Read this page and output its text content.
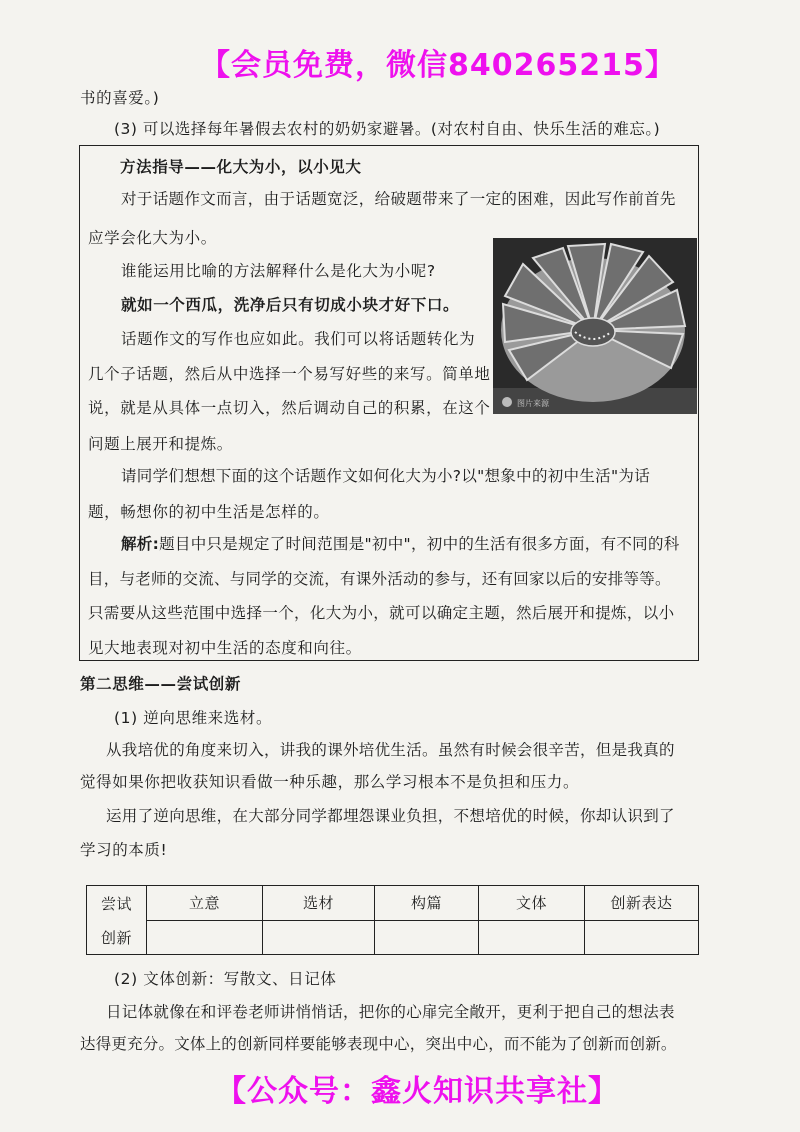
【会员免费，微信840265215】
书的喜爱。)
(3) 可以选择每年暑假去农村的奶奶家避暑。(对农村自由、快乐生活的难忘。)
方法指导——化大为小，以小见大
对于话题作文而言，由于话题宽泛，给破题带来了一定的困难，因此写作前首先
应学会化大为小。
谁能运用比喻的方法解释什么是化大为小呢?
就如一个西瓜，洗净后只有切成小块才好下口。
话题作文的写作也应如此。我们可以将话题转化为
几个子话题，然后从中选择一个易写好些的来写。简单地
说，就是从具体一点切入，然后调动自己的积累，在这个
问题上展开和提炼。
图片来源
请同学们想想下面的这个话题作文如何化大为小?以"想象中的初中生活"为话
题，畅想你的初中生活是怎样的。
解析:题目中只是规定了时间范围是"初中"，初中的生活有很多方面，有不同的科
目，与老师的交流、与同学的交流，有课外活动的参与，还有回家以后的安排等等。
只需要从这些范围中选择一个，化大为小，就可以确定主题，然后展开和提炼，以小
见大地表现对初中生活的态度和向往。
第二思维——尝试创新
(1) 逆向思维来选材。
从我培优的角度来切入，讲我的课外培优生活。虽然有时候会很辛苦，但是我真的
觉得如果你把收获知识看做一种乐趣，那么学习根本不是负担和压力。
运用了逆向思维，在大部分同学都埋怨课业负担，不想培优的时候，你却认识到了
学习的本质!
尝试	立意	选材	构篇	文体	创新表达
创新					
(2) 文体创新：写散文、日记体
日记体就像在和评卷老师讲悄悄话，把你的心扉完全敞开，更利于把自己的想法表
达得更充分。文体上的创新同样要能够表现中心，突出中心，而不能为了创新而创新。
【公众号：鑫火知识共享社】
